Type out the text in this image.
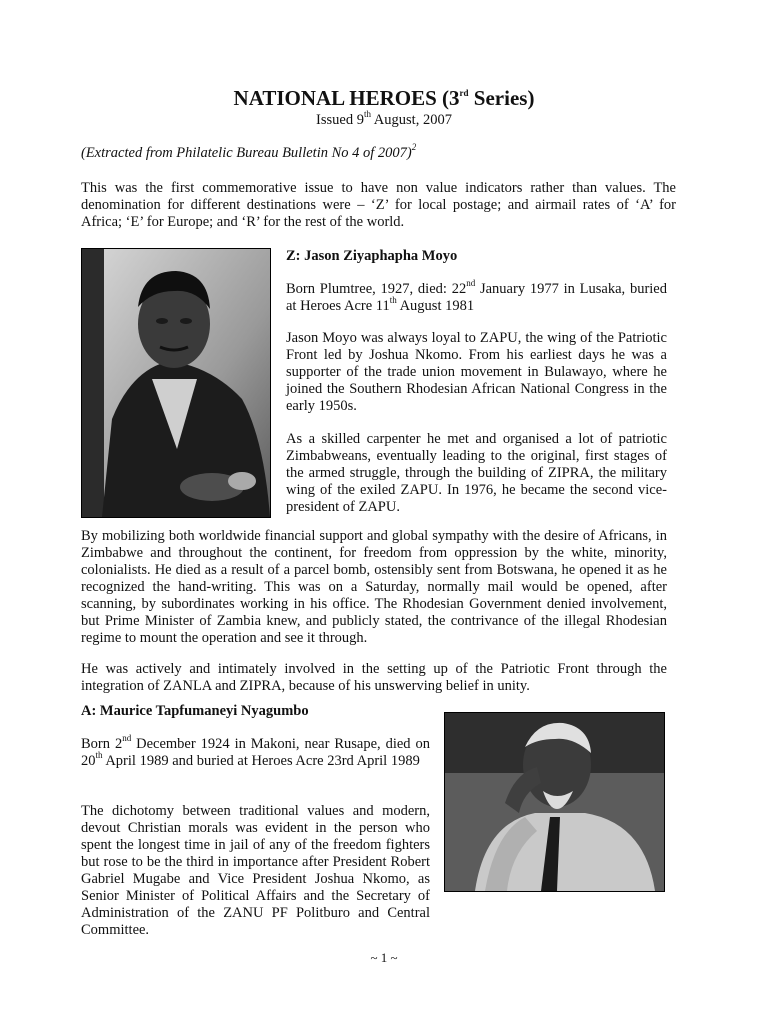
NATIONAL HEROES (3rd Series)
Issued 9th August, 2007
(Extracted from Philatelic Bureau Bulletin No 4 of 2007)$^2$

This was the first commemorative issue to have non value indicators rather than values. The denomination for different destinations were – ‘Z’ for local postage; and airmail rates of ‘A’ for Africa; ‘E’ for Europe; and ‘R’ for the rest of the world.

Z: Jason Ziyaphapha Moyo

Born Plumtree, 1927, died: 22nd January 1977 in Lusaka, buried at Heroes Acre 11th August 1981

Jason Moyo was always loyal to ZAPU, the wing of the Patriotic Front led by Joshua Nkomo. From his earliest days he was a supporter of the trade union movement in Bulawayo, where he joined the Southern Rhodesian African National Congress in the early 1950s.

As a skilled carpenter he met and organised a lot of patriotic Zimbabweans, eventually leading to the original, first stages of the armed struggle, through the building of ZIPRA, the military wing of the exiled ZAPU. In 1976, he became the second vice-president of ZAPU.

By mobilizing both worldwide financial support and global sympathy with the desire of Africans, in Zimbabwe and throughout the continent, for freedom from oppression by the white, minority, colonialists. He died as a result of a parcel bomb, ostensibly sent from Botswana, he opened it as he recognized the hand-writing. This was on a Saturday, normally mail would be opened, after scanning, by subordinates working in his office. The Rhodesian Government denied involvement, but Prime Minister of Zambia knew, and publicly stated, the contrivance of the illegal Rhodesian regime to mount the operation and see it through.

He was actively and intimately involved in the setting up of the Patriotic Front through the integration of ZANLA and ZIPRA, because of his unswerving belief in unity.

A: Maurice Tapfumaneyi Nyagumbo

Born 2nd December 1924 in Makoni, near Rusape, died on 20th April 1989 and buried at Heroes Acre 23rd April 1989

The dichotomy between traditional values and modern, devout Christian morals was evident in the person who spent the longest time in jail of any of the freedom fighters but rose to be the third in importance after President Robert Gabriel Mugabe and Vice President Joshua Nkomo, as Senior Minister of Political Affairs and the Secretary of Administration of the ZANU PF Politburo and Central Committee.

~ 1 ~
